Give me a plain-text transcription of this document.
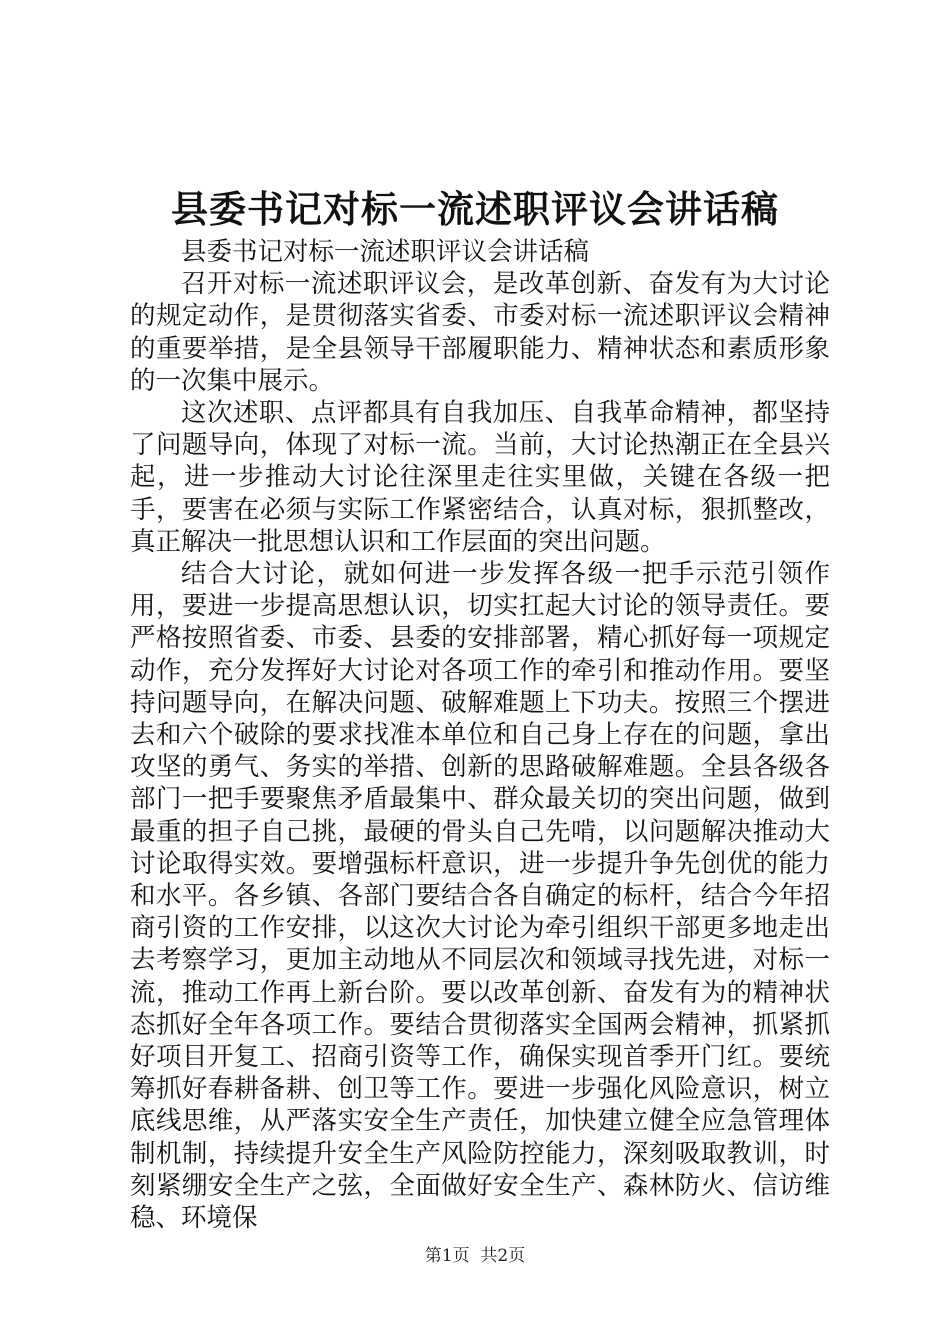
县委书记对标一流述职评议会讲话稿

县委书记对标一流述职评议会讲话稿

召开对标一流述职评议会，是改革创新、奋发有为大讨论的规定动作，是贯彻落实省委、市委对标一流述职评议会精神的重要举措，是全县领导干部履职能力、精神状态和素质形象的一次集中展示。

这次述职、点评都具有自我加压、自我革命精神，都坚持了问题导向，体现了对标一流。当前，大讨论热潮正在全县兴起，进一步推动大讨论往深里走往实里做，关键在各级一把手，要害在必须与实际工作紧密结合，认真对标，狠抓整改，真正解决一批思想认识和工作层面的突出问题。

结合大讨论，就如何进一步发挥各级一把手示范引领作用，要进一步提高思想认识，切实扛起大讨论的领导责任。要严格按照省委、市委、县委的安排部署，精心抓好每一项规定动作，充分发挥好大讨论对各项工作的牵引和推动作用。要坚持问题导向，在解决问题、破解难题上下功夫。按照三个摆进去和六个破除的要求找准本单位和自己身上存在的问题，拿出攻坚的勇气、务实的举措、创新的思路破解难题。全县各级各部门一把手要聚焦矛盾最集中、群众最关切的突出问题，做到最重的担子自己挑，最硬的骨头自己先啃，以问题解决推动大讨论取得实效。要增强标杆意识，进一步提升争先创优的能力和水平。各乡镇、各部门要结合各自确定的标杆，结合今年招商引资的工作安排，以这次大讨论为牵引组织干部更多地走出去考察学习，更加主动地从不同层次和领域寻找先进，对标一流，推动工作再上新台阶。要以改革创新、奋发有为的精神状态抓好全年各项工作。要结合贯彻落实全国两会精神，抓紧抓好项目开复工、招商引资等工作，确保实现首季开门红。要统筹抓好春耕备耕、创卫等工作。要进一步强化风险意识，树立底线思维，从严落实安全生产责任，加快建立健全应急管理体制机制，持续提升安全生产风险防控能力，深刻吸取教训，时刻紧绷安全生产之弦，全面做好安全生产、森林防火、信访维稳、环境保

第1页 共2页
